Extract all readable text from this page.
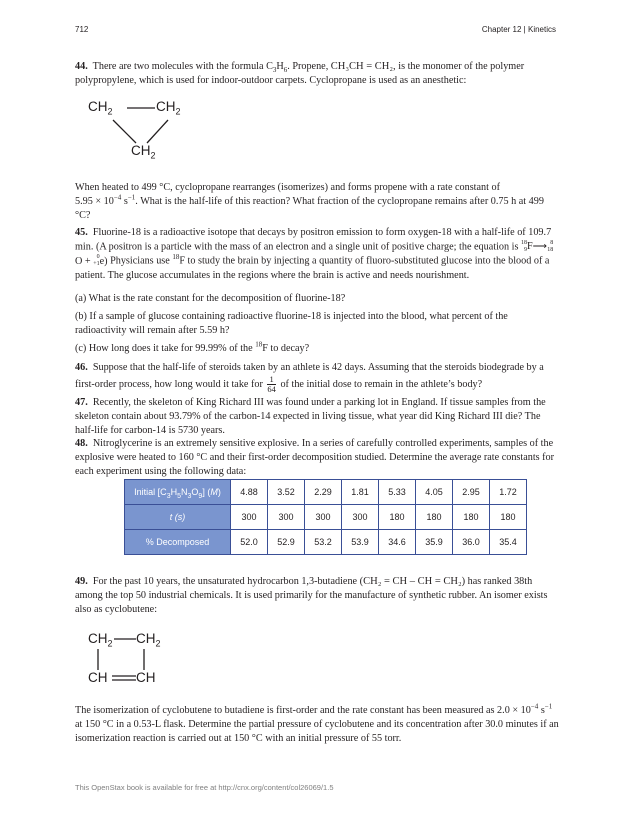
712	Chapter 12 | Kinetics
44. There are two molecules with the formula $C_3H_6$. Propene, CH₃CH = CH₂, is the monomer of the polymer polypropylene, which is used for indoor-outdoor carpets. Cyclopropane is used as an anesthetic:
$CH_2$	$CH_2$
$CH_2$
When heated to 499 °C, cyclopropane rearranges (isomerizes) and forms propene with a rate constant of
$5.95 \times 10^{-4}$ $s^{-1}$. What is the half-life of this reaction? What fraction of the cyclopropane remains after 0.75 h at 499 °C?
45. Fluorine-18 is a radioactive isotope that decays by positron emission to form oxygen-18 with a half-life of 109.7 min. (A positron is a particle with the mass of an electron and a single unit of positive charge; the equation is 18
9F⟶ 8
18O + 0
+1e) Physicians use $^{18}$F to study the brain by injecting a quantity of fluoro-substituted glucose into the blood of a patient. The glucose accumulates in the regions where the brain is active and needs nourishment.
(a) What is the rate constant for the decomposition of fluorine-18?
(b) If a sample of glucose containing radioactive fluorine-18 is injected into the blood, what percent of the radioactivity will remain after 5.59 h?
(c) How long does it take for 99.99% of the $^{18}$F to decay?
46. Suppose that the half-life of steroids taken by an athlete is 42 days. Assuming that the steroids biodegrade by a first-order process, how long would it take for $\frac{1}{64}$ of the initial dose to remain in the athlete’s body?
47. Recently, the skeleton of King Richard III was found under a parking lot in England. If tissue samples from the skeleton contain about 93.79% of the carbon-14 expected in living tissue, what year did King Richard III die? The half-life for carbon-14 is 5730 years.
48. Nitroglycerine is an extremely sensitive explosive. In a series of carefully controlled experiments, samples of the explosive were heated to 160 °C and their first-order decomposition studied. Determine the average rate constants for each experiment using the following data:
Initial $[C_3H_5N_3O_9]$ (M)	4.88	3.52	2.29	1.81	5.33	4.05	2.95	1.72
t (s)	300	300	300	300	180	180	180	180
% Decomposed	52.0	52.9	53.2	53.9	34.6	35.9	36.0	35.4
49. For the past 10 years, the unsaturated hydrocarbon 1,3-butadiene (CH₂ = CH – CH = CH₂) has ranked 38th among the top 50 industrial chemicals. It is used primarily for the manufacture of synthetic rubber. An isomer exists also as cyclobutene:
$CH_2$ $CH_2$
CH CH
The isomerization of cyclobutene to butadiene is first-order and the rate constant has been measured as $2.0 \times 10^{-4}$ $s^{-1}$ at 150 °C in a 0.53-L flask. Determine the partial pressure of cyclobutene and its concentration after 30.0 minutes if an isomerization reaction is carried out at 150 °C with an initial pressure of 55 torr.
This OpenStax book is available for free at http://cnx.org/content/col26069/1.5
